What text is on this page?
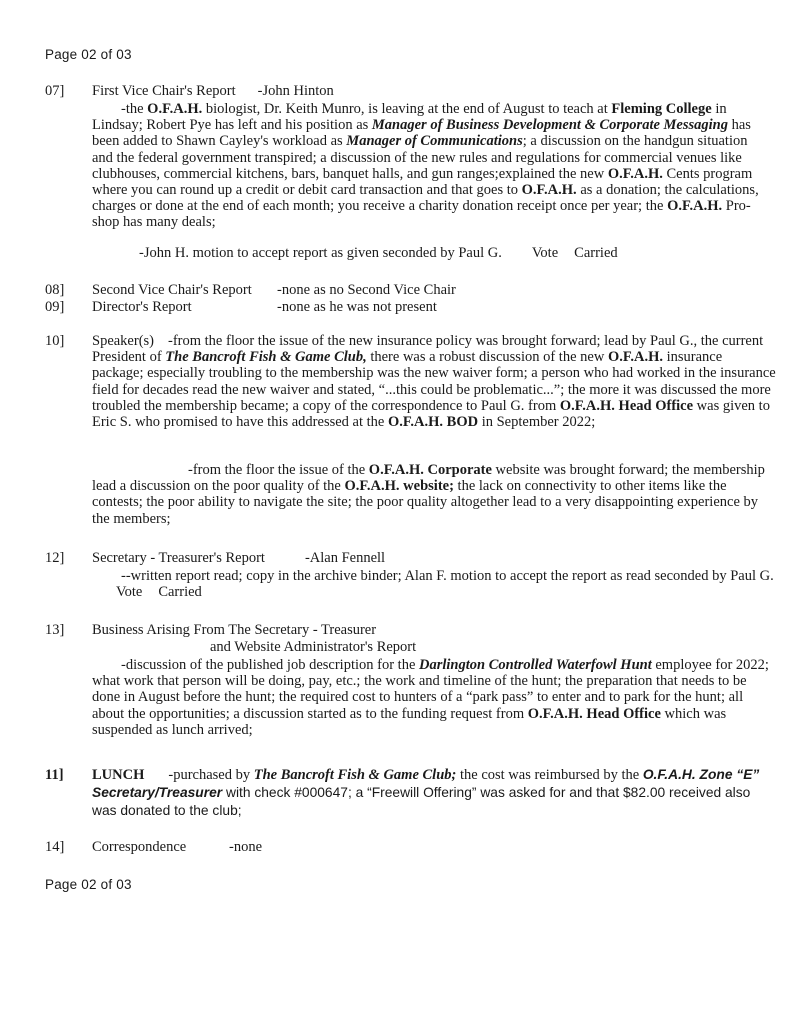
Page 02 of 03
07] First Vice Chair's Report -John Hinton
-the O.F.A.H. biologist, Dr. Keith Munro, is leaving at the end of August to teach at Fleming College in Lindsay; Robert Pye has left and his position as Manager of Business Development & Corporate Messaging has been added to Shawn Cayley's workload as Manager of Communications; a discussion on the handgun situation and the federal government transpired; a discussion of the new rules and regulations for commercial venues like clubhouses, commercial kitchens, bars, banquet halls, and gun ranges;explained the new O.F.A.H. Cents program where you can round up a credit or debit card transaction and that goes to O.F.A.H. as a donation; the calculations, charges or done at the end of each month; you receive a charity donation receipt once per year; the O.F.A.H. Pro-shop has many deals;
-John H. motion to accept report as given seconded by Paul G. Vote Carried
08] Second Vice Chair's Report -none as no Second Vice Chair
09] Director's Report	-none as he was not present
10] Speaker(s) -from the floor the issue of the new insurance policy was brought forward; lead by Paul G., the current President of The Bancroft Fish & Game Club, there was a robust discussion of the new O.F.A.H. insurance package; especially troubling to the membership was the new waiver form; a person who had worked in the insurance field for decades read the new waiver and stated, “...this could be problematic...”; the more it was discussed the more troubled the membership became; a copy of the correspondence to Paul G. from O.F.A.H. Head Office was given to Eric S. who promised to have this addressed at the O.F.A.H. BOD in September 2022;
-from the floor the issue of the O.F.A.H. Corporate website was brought forward; the membership lead a discussion on the poor quality of the O.F.A.H. website; the lack on connectivity to other items like the contests; the poor ability to navigate the site; the poor quality altogether lead to a very disappointing experience by the members;
12] Secretary - Treasurer's Report	-Alan Fennell
--written report read; copy in the archive binder; Alan F. motion to accept the report as read seconded by Paul G.Vote Carried
13] Business Arising From The Secretary - Treasurer
and Website Administrator's Report
-discussion of the published job description for the Darlington Controlled Waterfowl Hunt employee for 2022; what work that person will be doing, pay, etc.; the work and timeline of the hunt; the preparation that needs to be done in August before the hunt; the required cost to hunters of a “park pass” to enter and to park for the hunt; all about the opportunities; a discussion started as to the funding request from O.F.A.H. Head Office which was suspended as lunch arrived;
11] LUNCH -purchased by The Bancroft Fish & Game Club; the cost was reimbursed by the O.F.A.H. Zone “E” Secretary/Treasurer with check #000647; a “Freewill Offering” was asked for and that $82.00 received also was donated to the club;
14] Correspondence	-none
Page 02 of 03
